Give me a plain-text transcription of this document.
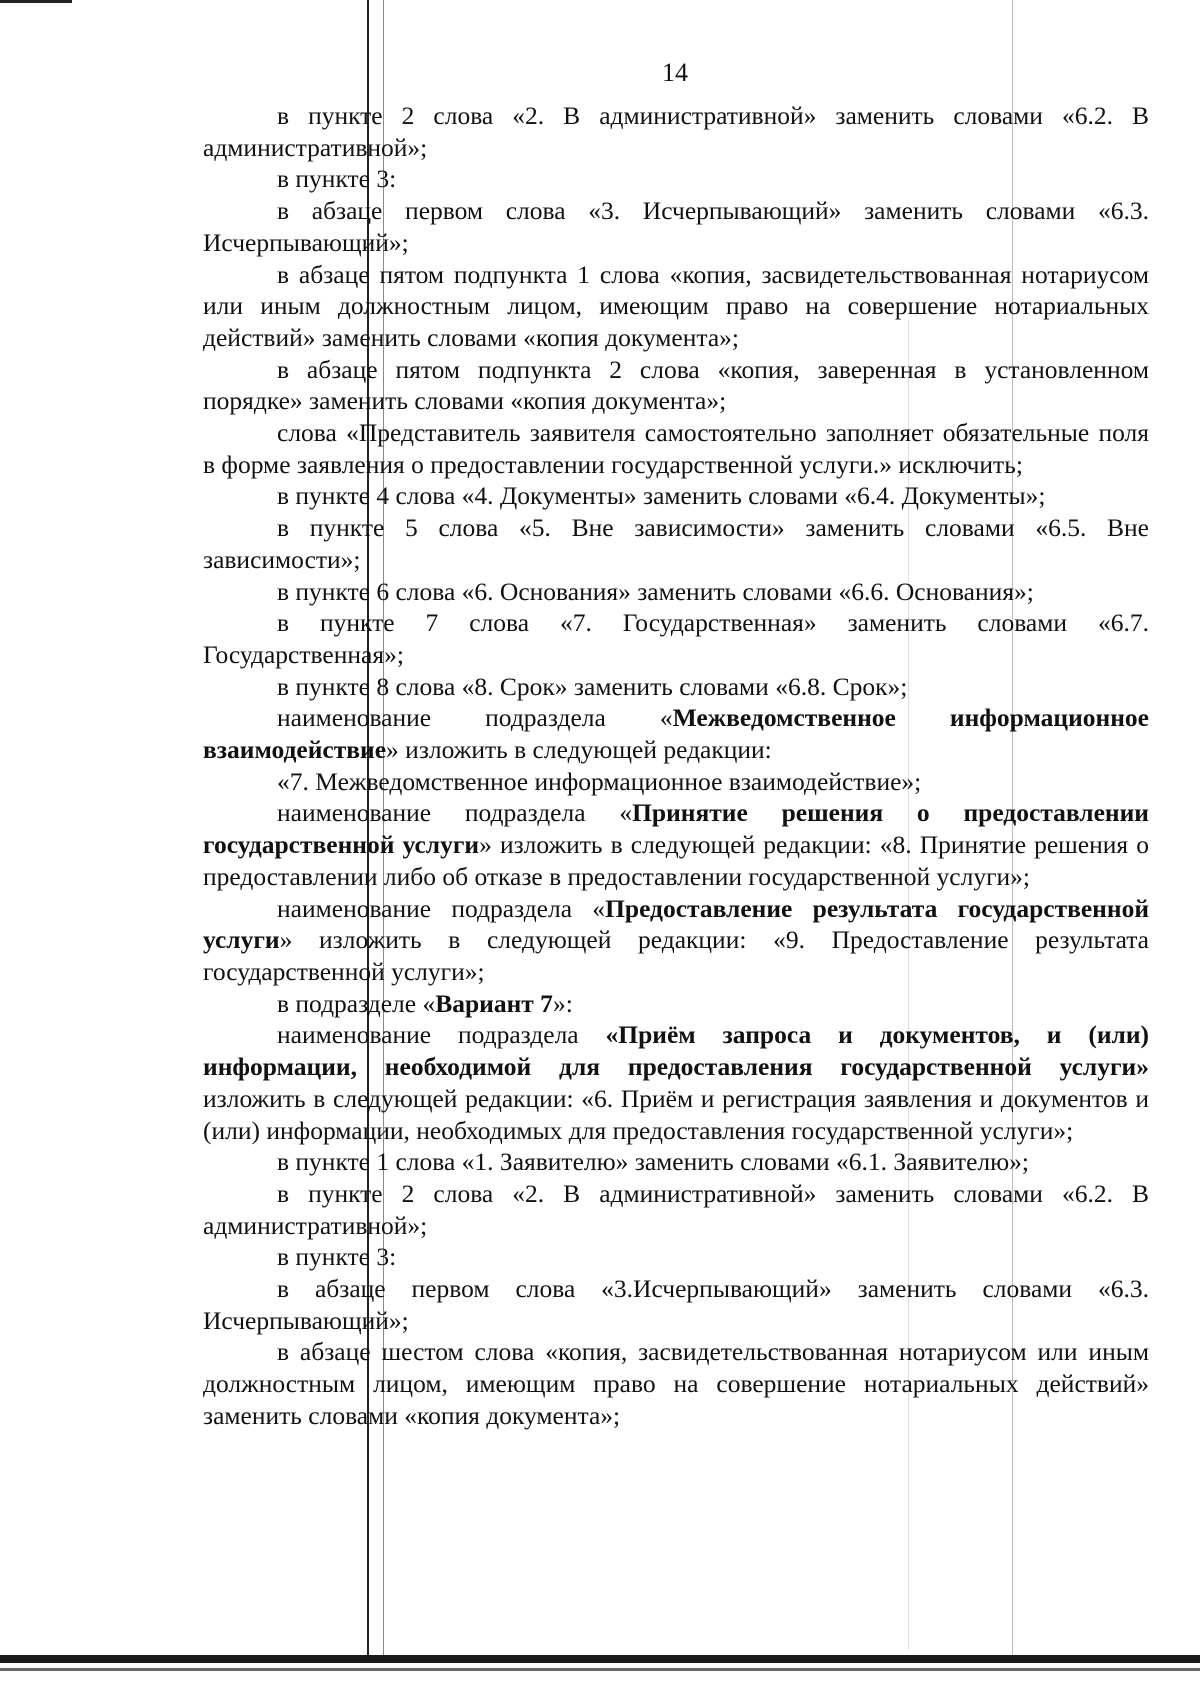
14

в пункте 2 слова «2. В административной» заменить словами «6.2. В административной»;

в пункте 3:

в абзаце первом слова «3. Исчерпывающий» заменить словами «6.3. Исчерпывающий»;

в абзаце пятом подпункта 1 слова «копия, засвидетельствованная нотариусом или иным должностным лицом, имеющим право на совершение нотариальных действий» заменить словами «копия документа»;

в абзаце пятом подпункта 2 слова «копия, заверенная в установленном порядке» заменить словами «копия документа»;

слова «Представитель заявителя самостоятельно заполняет обязательные поля в форме заявления о предоставлении государственной услуги.» исключить;

в пункте 4 слова «4. Документы» заменить словами «6.4. Документы»;

в пункте 5 слова «5. Вне зависимости» заменить словами «6.5. Вне зависимости»;

в пункте 6 слова «6. Основания» заменить словами «6.6. Основания»;

в пункте 7 слова «7. Государственная» заменить словами «6.7. Государственная»;

в пункте 8 слова «8. Срок» заменить словами «6.8. Срок»;

наименование подраздела «Межведомственное информационное взаимодействие» изложить в следующей редакции:

«7. Межведомственное информационное взаимодействие»;

наименование подраздела «Принятие решения о предоставлении государственной услуги» изложить в следующей редакции: «8. Принятие решения о предоставлении либо об отказе в предоставлении государственной услуги»;

наименование подраздела «Предоставление результата государственной услуги» изложить в следующей редакции: «9. Предоставление результата государственной услуги»;

в подразделе «Вариант 7»:

наименование подраздела «Приём запроса и документов, и (или) информации, необходимой для предоставления государственной услуги» изложить в следующей редакции: «6. Приём и регистрация заявления и документов и (или) информации, необходимых для предоставления государственной услуги»;

в пункте 1 слова «1. Заявителю» заменить словами «6.1. Заявителю»;

в пункте 2 слова «2. В административной» заменить словами «6.2. В административной»;

в пункте 3:

в абзаце первом слова «3.Исчерпывающий» заменить словами «6.3. Исчерпывающий»;

в абзаце шестом слова «копия, засвидетельствованная нотариусом или иным должностным лицом, имеющим право на совершение нотариальных действий» заменить словами «копия документа»;
